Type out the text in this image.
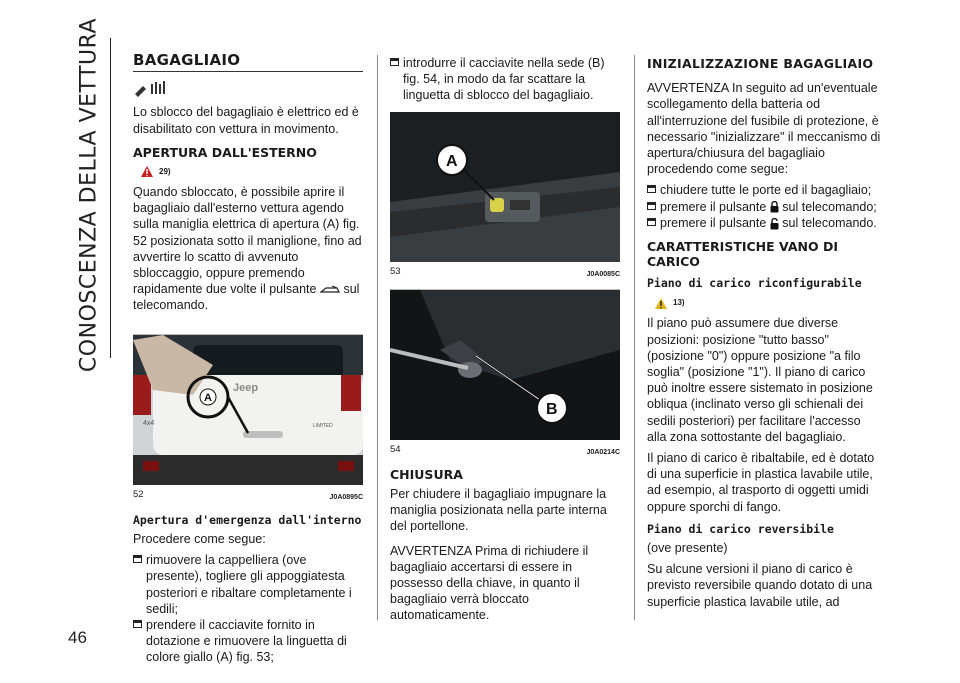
CONOSCENZA DELLA VETTURA
46
BAGAGLIAIO

Lo sblocco del bagagliaio è elettrico ed è disabilitato con vettura in movimento.

APERTURA DALL'ESTERNO
29)

Quando sbloccato, è possibile aprire il bagagliaio dall'esterno vettura agendo sulla maniglia elettrica di apertura (A) fig. 52 posizionata sotto il maniglione, fino ad avvertire lo scatto di avvenuto sbloccaggio, oppure premendo rapidamente due volte il pulsante sul telecomando.

Jeep
4x4	LIMITED
A
52	J0A0895C
Apertura d'emergenza dall'interno

Procedere come segue:

rimuovere la cappelliera (ove presente), togliere gli appoggiatesta posteriori e ribaltare completamente i sedili;
prendere il cacciavite fornito in dotazione e rimuovere la linguetta di colore giallo (A) fig. 53;
introdurre il cacciavite nella sede (B) fig. 54, in modo da far scattare la linguetta di sblocco del bagagliaio.
A
53	J0A0085C
B
54	J0A0214C
CHIUSURA

Per chiudere il bagagliaio impugnare la maniglia posizionata nella parte interna del portellone.

AVVERTENZA Prima di richiudere il bagagliaio accertarsi di essere in possesso della chiave, in quanto il bagagliaio verrà bloccato automaticamente.

INIZIALIZZAZIONE BAGAGLIAIO

AVVERTENZA In seguito ad un'eventuale scollegamento della batteria od all'interruzione del fusibile di protezione, è necessario "inizializzare" il meccanismo di apertura/chiusura del bagagliaio procedendo come segue:

chiudere tutte le porte ed il bagagliaio;
premere il pulsante sul telecomando;
premere il pulsante sul telecomando.
CARATTERISTICHE VANO DI CARICO
Piano di carico riconfigurabile
13)

Il piano può assumere due diverse posizioni: posizione "tutto basso" (posizione "0") oppure posizione "a filo soglia" (posizione "1"). Il piano di carico può inoltre essere sistemato in posizione obliqua (inclinato verso gli schienali dei sedili posteriori) per facilitare l'accesso alla zona sottostante del bagagliaio.

Il piano di carico è ribaltabile, ed è dotato di una superficie in plastica lavabile utile, ad esempio, al trasporto di oggetti umidi oppure sporchi di fango.

Piano di carico reversibile

(ove presente)

Su alcune versioni il piano di carico è previsto reversibile quando dotato di una superficie plastica lavabile utile, ad
